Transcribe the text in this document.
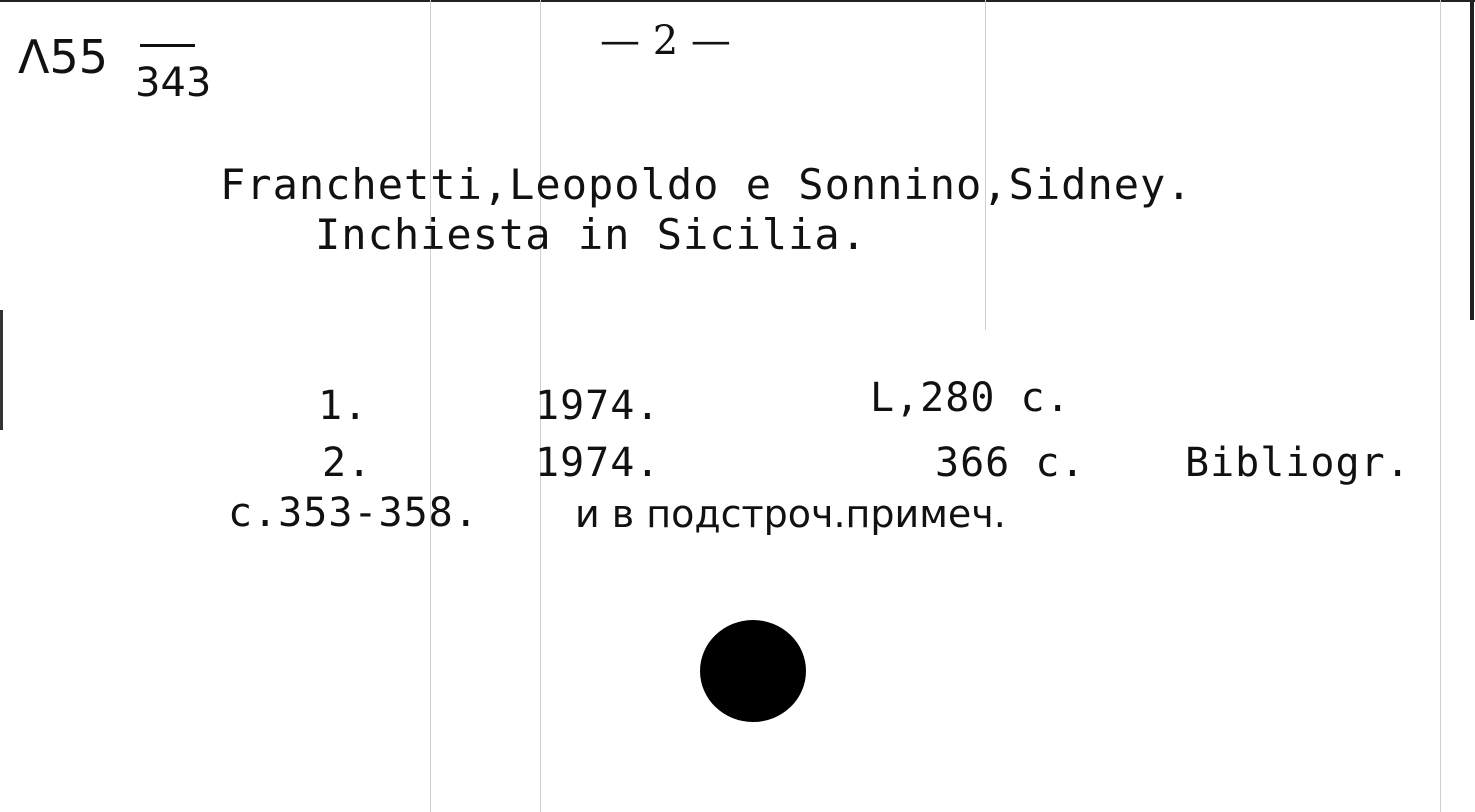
Λ55 343
— 2 —
Franchetti,Leopoldo e Sonnino,Sidney.
Inchiesta in Sicilia.
1.	1974.	L,280 c.
2.	1974.	366 c. Bibliogr.
c.353-358.	и в подстроч.примеч.
